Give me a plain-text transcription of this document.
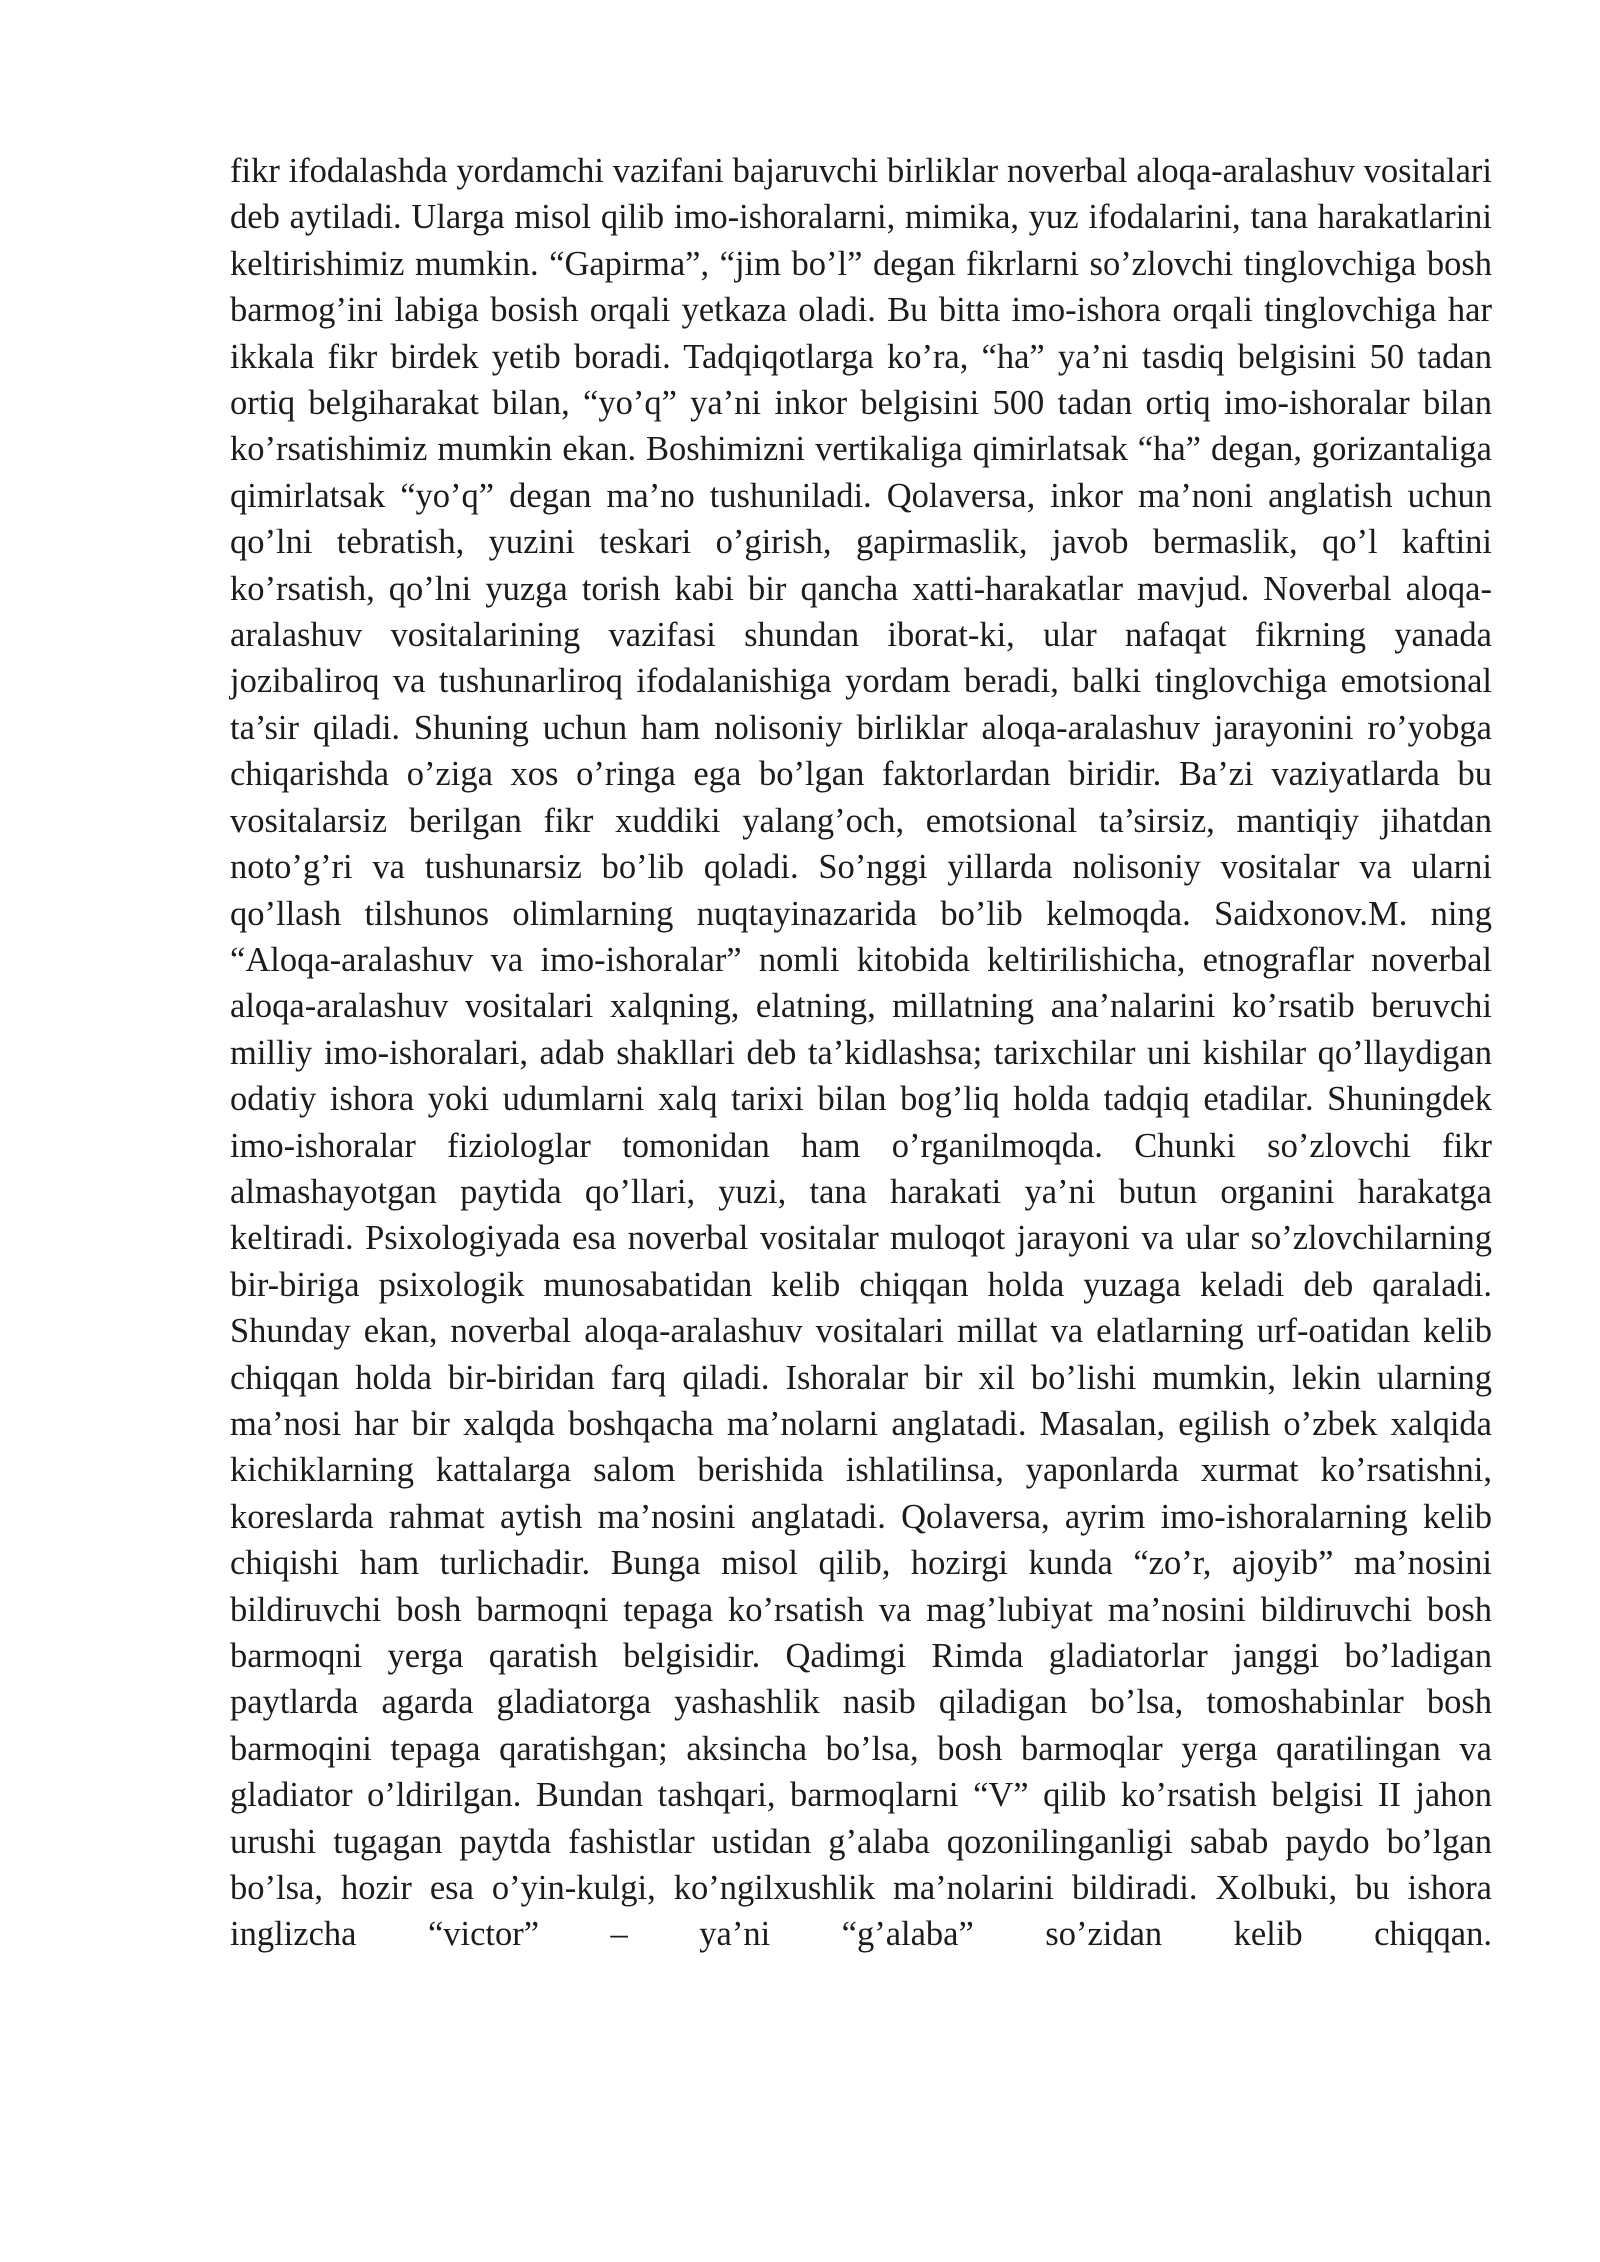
fikr ifodalashda yordamchi vazifani bajaruvchi birliklar noverbal aloqa-aralashuv vositalari deb aytiladi. Ularga misol qilib imo-ishoralarni, mimika, yuz ifodalarini, tana harakatlarini keltirishimiz mumkin. “Gapirma”, “jim bo’l” degan fikrlarni so’zlovchi tinglovchiga bosh barmog’ini labiga bosish orqali yetkaza oladi. Bu bitta imo-ishora orqali tinglovchiga har ikkala fikr birdek yetib boradi. Tadqiqotlarga ko’ra, “ha” ya’ni tasdiq belgisini 50 tadan ortiq belgiharakat bilan, “yo’q” ya’ni inkor belgisini 500 tadan ortiq imo-ishoralar bilan ko’rsatishimiz mumkin ekan. Boshimizni vertikaliga qimirlatsak “ha” degan, gorizantaliga qimirlatsak “yo’q” degan ma’no tushuniladi. Qolaversa, inkor ma’noni anglatish uchun qo’lni tebratish, yuzini teskari o’girish, gapirmaslik, javob bermaslik, qo’l kaftini ko’rsatish, qo’lni yuzga torish kabi bir qancha xatti-harakatlar mavjud. Noverbal aloqa-aralashuv vositalarining vazifasi shundan iborat-ki, ular nafaqat fikrning yanada jozibaliroq va tushunarliroq ifodalanishiga yordam beradi, balki tinglovchiga emotsional ta’sir qiladi. Shuning uchun ham nolisoniy birliklar aloqa-aralashuv jarayonini ro’yobga chiqarishda o’ziga xos o’ringa ega bo’lgan faktorlardan biridir. Ba’zi vaziyatlarda bu vositalarsiz berilgan fikr xuddiki yalang’och, emotsional ta’sirsiz, mantiqiy jihatdan noto’g’ri va tushunarsiz bo’lib qoladi. So’nggi yillarda nolisoniy vositalar va ularni qo’llash tilshunos olimlarning nuqtayinazarida bo’lib kelmoqda. Saidxonov.M. ning “Aloqa-aralashuv va imo-ishoralar” nomli kitobida keltirilishicha, etnograflar noverbal aloqa-aralashuv vositalari xalqning, elatning, millatning ana’nalarini ko’rsatib beruvchi milliy imo-ishoralari, adab shakllari deb ta’kidlashsa; tarixchilar uni kishilar qo’llaydigan odatiy ishora yoki udumlarni xalq tarixi bilan bog’liq holda tadqiq etadilar. Shuningdek imo-ishoralar fiziologlar tomonidan ham o’rganilmoqda. Chunki so’zlovchi fikr almashayotgan paytida qo’llari, yuzi, tana harakati ya’ni butun organini harakatga keltiradi. Psixologiyada esa noverbal vositalar muloqot jarayoni va ular so’zlovchilarning bir-biriga psixologik munosabatidan kelib chiqqan holda yuzaga keladi deb qaraladi. Shunday ekan, noverbal aloqa-aralashuv vositalari millat va elatlarning urf-oatidan kelib chiqqan holda bir-biridan farq qiladi. Ishoralar bir xil bo’lishi mumkin, lekin ularning ma’nosi har bir xalqda boshqacha ma’nolarni anglatadi. Masalan, egilish o’zbek xalqida kichiklarning kattalarga salom berishida ishlatilinsa, yaponlarda xurmat ko’rsatishni, koreslarda rahmat aytish ma’nosini anglatadi. Qolaversa, ayrim imo-ishoralarning kelib chiqishi ham turlichadir. Bunga misol qilib, hozirgi kunda “zo’r, ajoyib” ma’nosini bildiruvchi bosh barmoqni tepaga ko’rsatish va mag’lubiyat ma’nosini bildiruvchi bosh barmoqni yerga qaratish belgisidir. Qadimgi Rimda gladiatorlar janggi bo’ladigan paytlarda agarda gladiatorga yashashlik nasib qiladigan bo’lsa, tomoshabinlar bosh barmoqini tepaga qaratishgan; aksincha bo’lsa, bosh barmoqlar yerga qaratilingan va gladiator o’ldirilgan. Bundan tashqari, barmoqlarni “V” qilib ko’rsatish belgisi II jahon urushi tugagan paytda fashistlar ustidan g’alaba qozonilinganligi sabab paydo bo’lgan bo’lsa, hozir esa o’yin-kulgi, ko’ngilxushlik ma’nolarini bildiradi. Xolbuki, bu ishora inglizcha “victor” – ya’ni “g’alaba” so’zidan kelib chiqqan.
